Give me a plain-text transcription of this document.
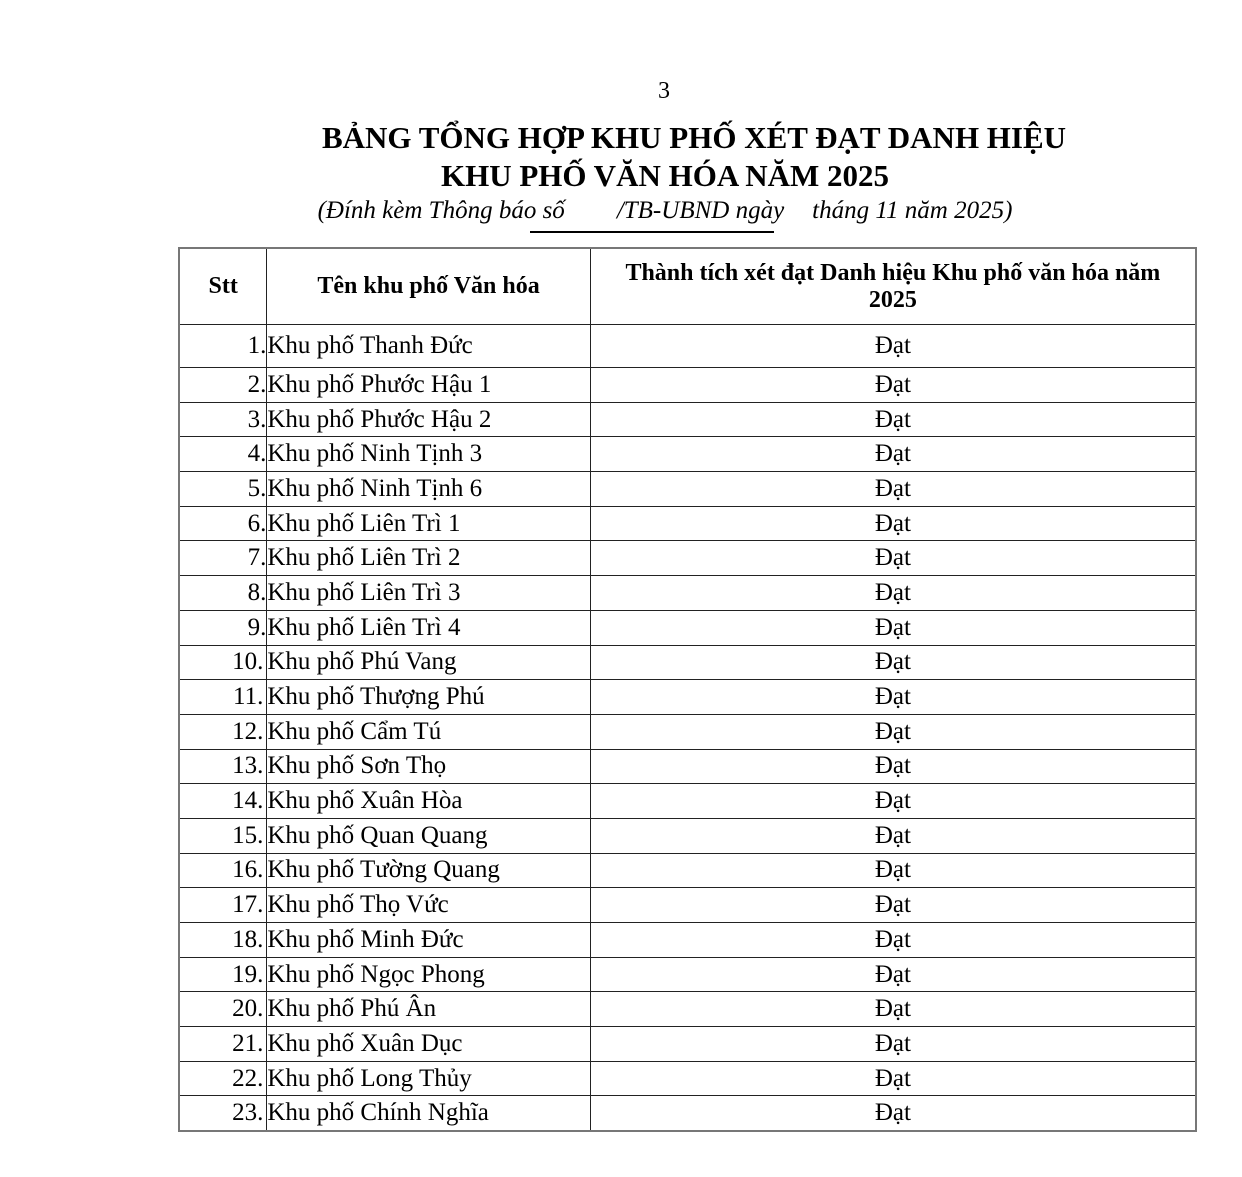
3
BẢNG TỔNG HỢP KHU PHỐ XÉT ĐẠT DANH HIỆU
KHU PHỐ VĂN HÓA NĂM 2025
(Đính kèm Thông báo số /TB-UBND ngày tháng 11 năm 2025)
Stt	Tên khu phố Văn hóa	Thành tích xét đạt Danh hiệu Khu phố văn hóa năm 2025
1.	Khu phố Thanh Đức	Đạt
2.	Khu phố Phước Hậu 1	Đạt
3.	Khu phố Phước Hậu 2	Đạt
4.	Khu phố Ninh Tịnh 3	Đạt
5.	Khu phố Ninh Tịnh 6	Đạt
6.	Khu phố Liên Trì 1	Đạt
7.	Khu phố Liên Trì 2	Đạt
8.	Khu phố Liên Trì 3	Đạt
9.	Khu phố Liên Trì 4	Đạt
10.	Khu phố Phú Vang	Đạt
11.	Khu phố Thượng Phú	Đạt
12.	Khu phố Cẩm Tú	Đạt
13.	Khu phố Sơn Thọ	Đạt
14.	Khu phố Xuân Hòa	Đạt
15.	Khu phố Quan Quang	Đạt
16.	Khu phố Tường Quang	Đạt
17.	Khu phố Thọ Vức	Đạt
18.	Khu phố Minh Đức	Đạt
19.	Khu phố Ngọc Phong	Đạt
20.	Khu phố Phú Ân	Đạt
21.	Khu phố Xuân Dục	Đạt
22.	Khu phố Long Thủy	Đạt
23.	Khu phố Chính Nghĩa	Đạt
